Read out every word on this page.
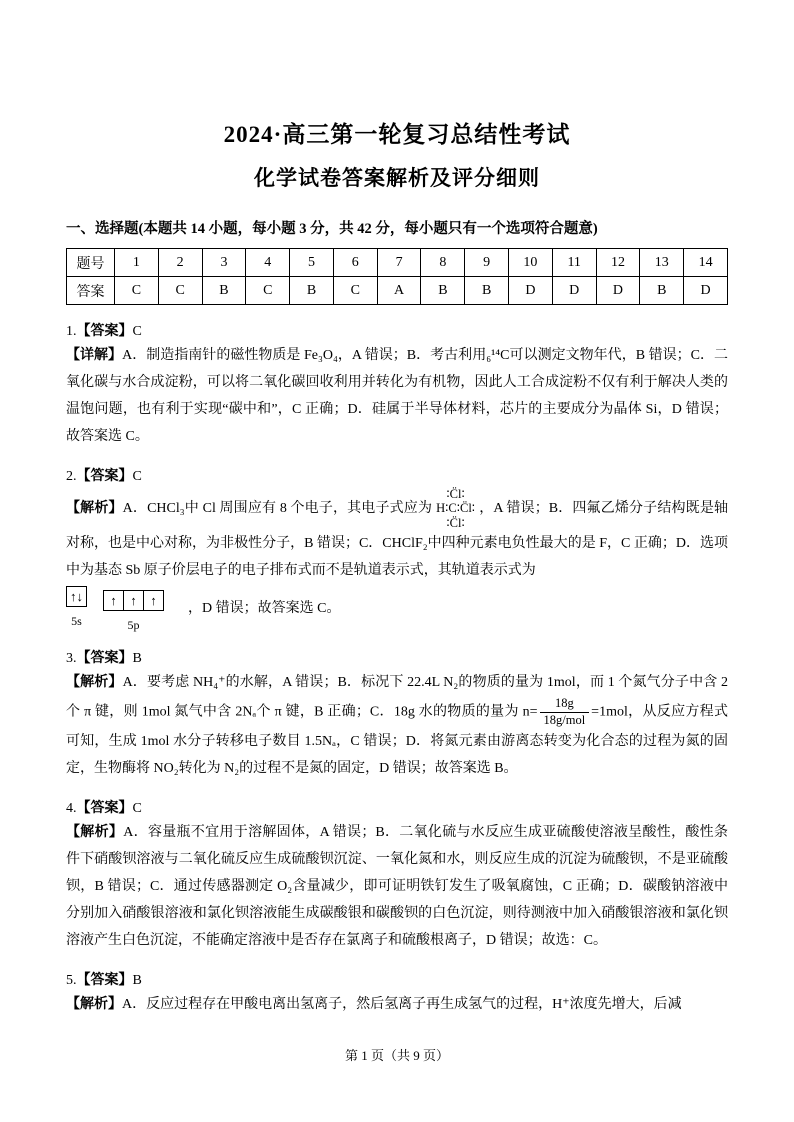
2024·高三第一轮复习总结性考试
化学试卷答案解析及评分细则
一、选择题(本题共 14 小题，每小题 3 分，共 42 分，每小题只有一个选项符合题意)
题号	1	2	3	4	5	6	7	8	9	10	11	12	13	14
答案	C	C	B	C	B	C	A	B	B	D	D	D	B	D

1.【答案】C

【详解】A．制造指南针的磁性物质是 Fe₃O₄，A 错误；B．考古利用₆¹⁴C可以测定文物年代，B 错误；C．二氧化碳与水合成淀粉，可以将二氧化碳回收利用并转化为有机物，因此人工合成淀粉不仅有利于解决人类的温饱问题，也有利于实现“碳中和”，C 正确；D．硅属于半导体材料，芯片的主要成分为晶体 Si，D 错误；故答案选 C。

2.【答案】C

【解析】A．CHCl₃中 Cl 周围应有 8 个电子，其电子式应为
∶C̈l∶
H∶C∶C̈l∶
∶C̈l∶
，A 错误；B．四氟乙烯分子结构既是轴对称，也是中心对称，为非极性分子，B 错误；C．CHClF₂中四种元素电负性最大的是 F，C 正确；D．选项中为基态 Sb 原子价层电子的电子排布式而不是轨道表示式，其轨道表示式为

↑↓
5s
↑ ↑ ↑
5p
，D 错误；故答案选 C。

3.【答案】B

【解析】A．要考虑 NH₄⁺的水解，A 错误；B．标况下 22.4L N₂的物质的量为 1mol，而 1 个氮气分子中含 2 个 π 键，则 1mol 氮气中含 2Nₐ个 π 键，B 正确；C．18g 水的物质的量为 $n= \frac{18g}{\text{18g/mol}} =1mol$，从反应方程式可知，生成 1mol 水分子转移电子数目 1.5Nₐ，C 错误；D．将氮元素由游离态转变为化合态的过程为氮的固定，生物酶将 NO₂转化为 N₂的过程不是氮的固定，D 错误；故答案选 B。

4.【答案】C

【解析】A．容量瓶不宜用于溶解固体，A 错误；B．二氧化硫与水反应生成亚硫酸使溶液呈酸性，酸性条件下硝酸钡溶液与二氧化硫反应生成硫酸钡沉淀、一氧化氮和水，则反应生成的沉淀为硫酸钡，不是亚硫酸钡，B 错误；C．通过传感器测定 O₂含量减少，即可证明铁钉发生了吸氧腐蚀，C 正确；D．碳酸钠溶液中分别加入硝酸银溶液和氯化钡溶液能生成碳酸银和碳酸钡的白色沉淀，则待测液中加入硝酸银溶液和氯化钡溶液产生白色沉淀，不能确定溶液中是否存在氯离子和硫酸根离子，D 错误；故选：C。

5.【答案】B

【解析】A．反应过程存在甲酸电离出氢离子，然后氢离子再生成氢气的过程，H⁺浓度先增大，后减

第 1 页（共 9 页）
